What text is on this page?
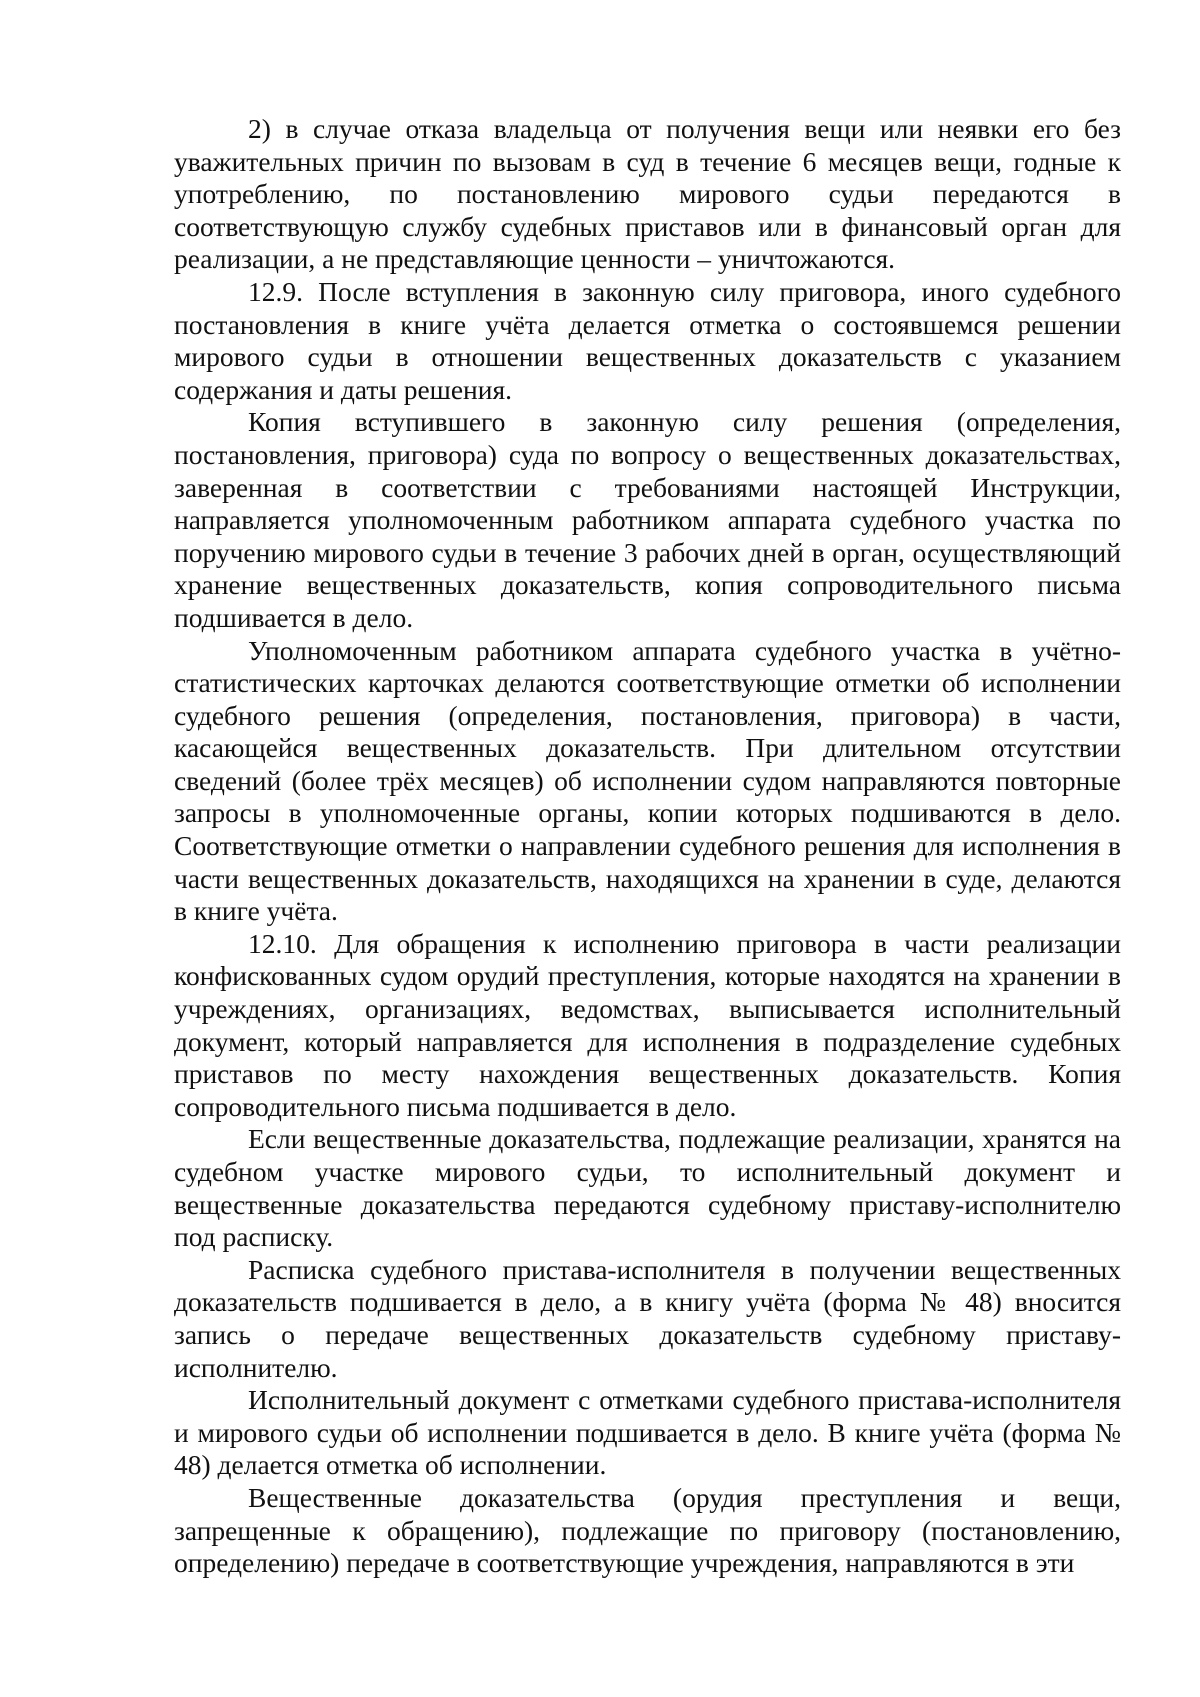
2) в случае отказа владельца от получения вещи или неявки его без уважительных причин по вызовам в суд в течение 6 месяцев вещи, годные к употреблению, по постановлению мирового судьи передаются в соответствующую службу судебных приставов или в финансовый орган для реализации, а не представляющие ценности – уничтожаются.

12.9. После вступления в законную силу приговора, иного судебного постановления в книге учёта делается отметка о состоявшемся решении мирового судьи в отношении вещественных доказательств с указанием содержания и даты решения.

Копия вступившего в законную силу решения (определения, постановления, приговора) суда по вопросу о вещественных доказательствах, заверенная в соответствии с требованиями настоящей Инструкции, направляется уполномоченным работником аппарата судебного участка по поручению мирового судьи в течение 3 рабочих дней в орган, осуществляющий хранение вещественных доказательств, копия сопроводительного письма подшивается в дело.

Уполномоченным работником аппарата судебного участка в учётно-статистических карточках делаются соответствующие отметки об исполнении судебного решения (определения, постановления, приговора) в части, касающейся вещественных доказательств. При длительном отсутствии сведений (более трёх месяцев) об исполнении судом направляются повторные запросы в уполномоченные органы, копии которых подшиваются в дело. Соответствующие отметки о направлении судебного решения для исполнения в части вещественных доказательств, находящихся на хранении в суде, делаются в книге учёта.

12.10. Для обращения к исполнению приговора в части реализации конфискованных судом орудий преступления, которые находятся на хранении в учреждениях, организациях, ведомствах, выписывается исполнительный документ, который направляется для исполнения в подразделение судебных приставов по месту нахождения вещественных доказательств. Копия сопроводительного письма подшивается в дело.

Если вещественные доказательства, подлежащие реализации, хранятся на судебном участке мирового судьи, то исполнительный документ и вещественные доказательства передаются судебному приставу-исполнителю под расписку.

Расписка судебного пристава-исполнителя в получении вещественных доказательств подшивается в дело, а в книгу учёта (форма № 48) вносится запись о передаче вещественных доказательств судебному приставу-исполнителю.

Исполнительный документ с отметками судебного пристава-исполнителя и мирового судьи об исполнении подшивается в дело. В книге учёта (форма № 48) делается отметка об исполнении.

Вещественные доказательства (орудия преступления и вещи, запрещенные к обращению), подлежащие по приговору (постановлению, определению) передаче в соответствующие учреждения, направляются в эти
